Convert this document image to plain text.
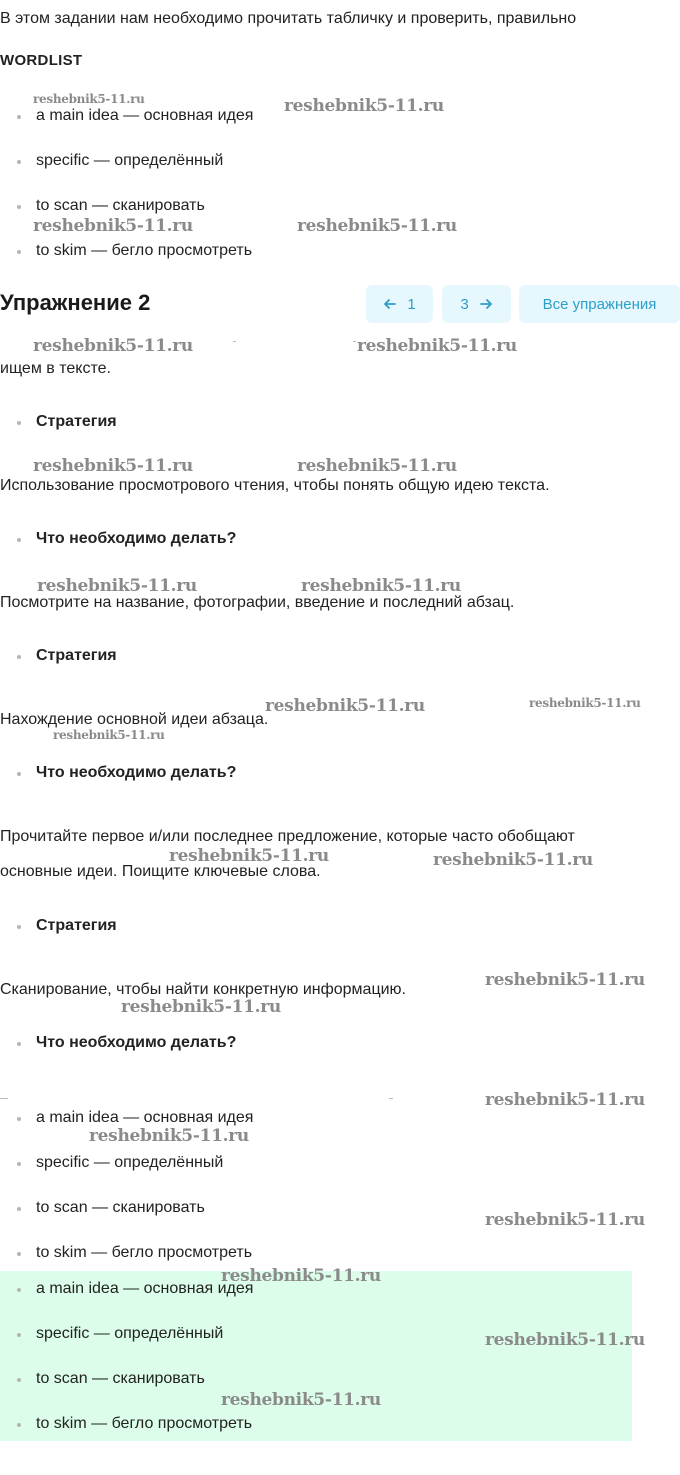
В этом задании нам необходимо прочитать табличку и проверить, правильно
WORDLIST
a main idea — основная идея
specific — определённый
to scan — сканировать
to skim — бегло просмотреть
Упражнение 2	1	3	Все упражнения
ищем в тексте.
Стратегия
Использование просмотрового чтения, чтобы понять общую идею текста.
Что необходимо делать?
Посмотрите на название, фотографии, введение и последний абзац.
Стратегия
Нахождение основной идеи абзаца.
Что необходимо делать?
Прочитайте первое и/или последнее предложение, которые часто обобщают
основные идеи. Поищите ключевые слова.
Стратегия
Сканирование, чтобы найти конкретную информацию.
Что необходимо делать?
a main idea — основная идея
specific — определённый
to scan — сканировать
to skim — бегло просмотреть
a main idea — основная идея
specific — определённый
to scan — сканировать
to skim — бегло просмотреть
reshebnik5-11.ru	reshebnik5-11.ru
reshebnik5-11.ru	reshebnik5-11.ru
reshebnik5-11.ru	reshebnik5-11.ru
reshebnik5-11.ru	reshebnik5-11.ru
reshebnik5-11.ru	reshebnik5-11.ru
reshebnik5-11.ru	reshebnik5-11.ru
reshebnik5-11.ru
reshebnik5-11.ru	reshebnik5-11.ru
reshebnik5-11.ru
reshebnik5-11.ru
reshebnik5-11.ru
reshebnik5-11.ru
reshebnik5-11.ru
reshebnik5-11.ru
reshebnik5-11.ru
reshebnik5-11.ru
